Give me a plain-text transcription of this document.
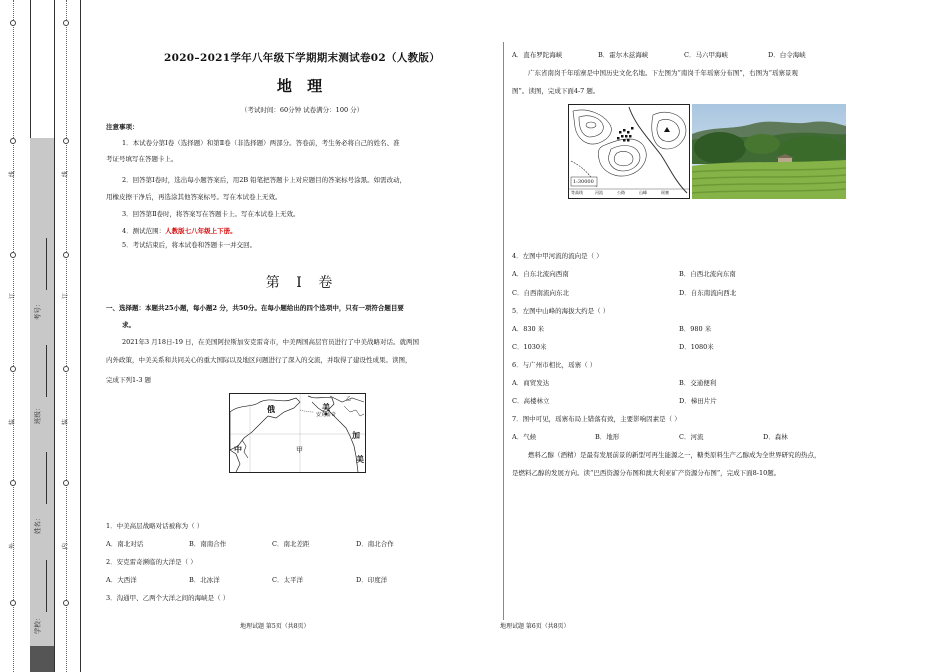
线
订
装
外
线
订
装
内
学校：
姓名：
班级：
考号：
2020–2021学年八年级下学期期末测试卷02（人教版）
地 理
（考试时间：60分钟 试卷满分：100 分）
注意事项：
1．本试卷分第Ⅰ卷（选择题）和第Ⅱ卷（非选择题）两部分。答卷前，考生务必将自己的姓名、准
考证号填写在答题卡上。
2．回答第Ⅰ卷时，选出每小题答案后，用2B 铅笔把答题卡上对应题目的答案标号涂黑。如需改动，
用橡皮擦干净后，再选涂其他答案标号。写在本试卷上无效。
3．回答第Ⅱ卷时，将答案写在答题卡上。写在本试卷上无效。
4．测试范围：人教版七八年级上下册。
5．考试结束后，将本试卷和答题卡一并交回。
第 Ⅰ 卷
一、选择题：本题共25小题，每小题2 分，共50分。在每小题给出的四个选项中，只有一项符合题目要
求。
2021年3 月18日-19 日，在美国阿拉斯加安克雷奇市，中美两国高层官员进行了中美战略对话。就两国
内外政策，中美关系和共同关心的重大国际以及地区问题进行了深入的交流，并取得了建设性成果。读图，
完成下列1-3 题
俄	美
安克雷奇
加
中	甲
美
乙
1．中美高层战略对话被称为（ ）
A．南北对话	B．南南合作	C．南北差距	D．南北合作
2．安克雷奇濒临的大洋是（ ）
A．大西洋	B．北冰洋	C．太平洋	D．印度洋
3．沟通甲、乙两个大洋之间的海峡是（ ）
地理试题 第5页（共8页）
A．直布罗陀海峡	B．霍尔木兹海峡	C．马六甲海峡	D．白令海峡
广东省南岗千年瑶寨是中国历史文化名地。下左图为“南岗千年瑶寨分布图”，右图为“瑶寨景观
图”。读图，完成下面4-7 题。
1:30000
等高线	河流	公路	山峰	瑶寨
4．左图中甲河流的流向是（ ）
A．自东北流向西南	B．自西北流向东南
C．自西南流向东北	D．自东南流向西北
5．左图中山峰的海拔大约是（ ）
A．830 米	B．980 米
C．1030米	D．1080米
6．与广州市相比，瑶寨（ ）
A．商贸发达	B．交通便利
C．高楼林立	D．梯田片片
7．图中可见，瑶寨布局上错落有致，主要影响因素是（ ）
A．气候	B．地形	C．河流	D．森林
燃料乙醇（酒精）是最有发展前景的新型可再生能源之一，糖类原料生产乙醇成为全世界研究的热点，
是燃料乙醇的发展方向。读“巴西资源分布图和澳大利亚矿产资源分布图”，完成下面8-10题。
地理试题 第6页（共8页）
